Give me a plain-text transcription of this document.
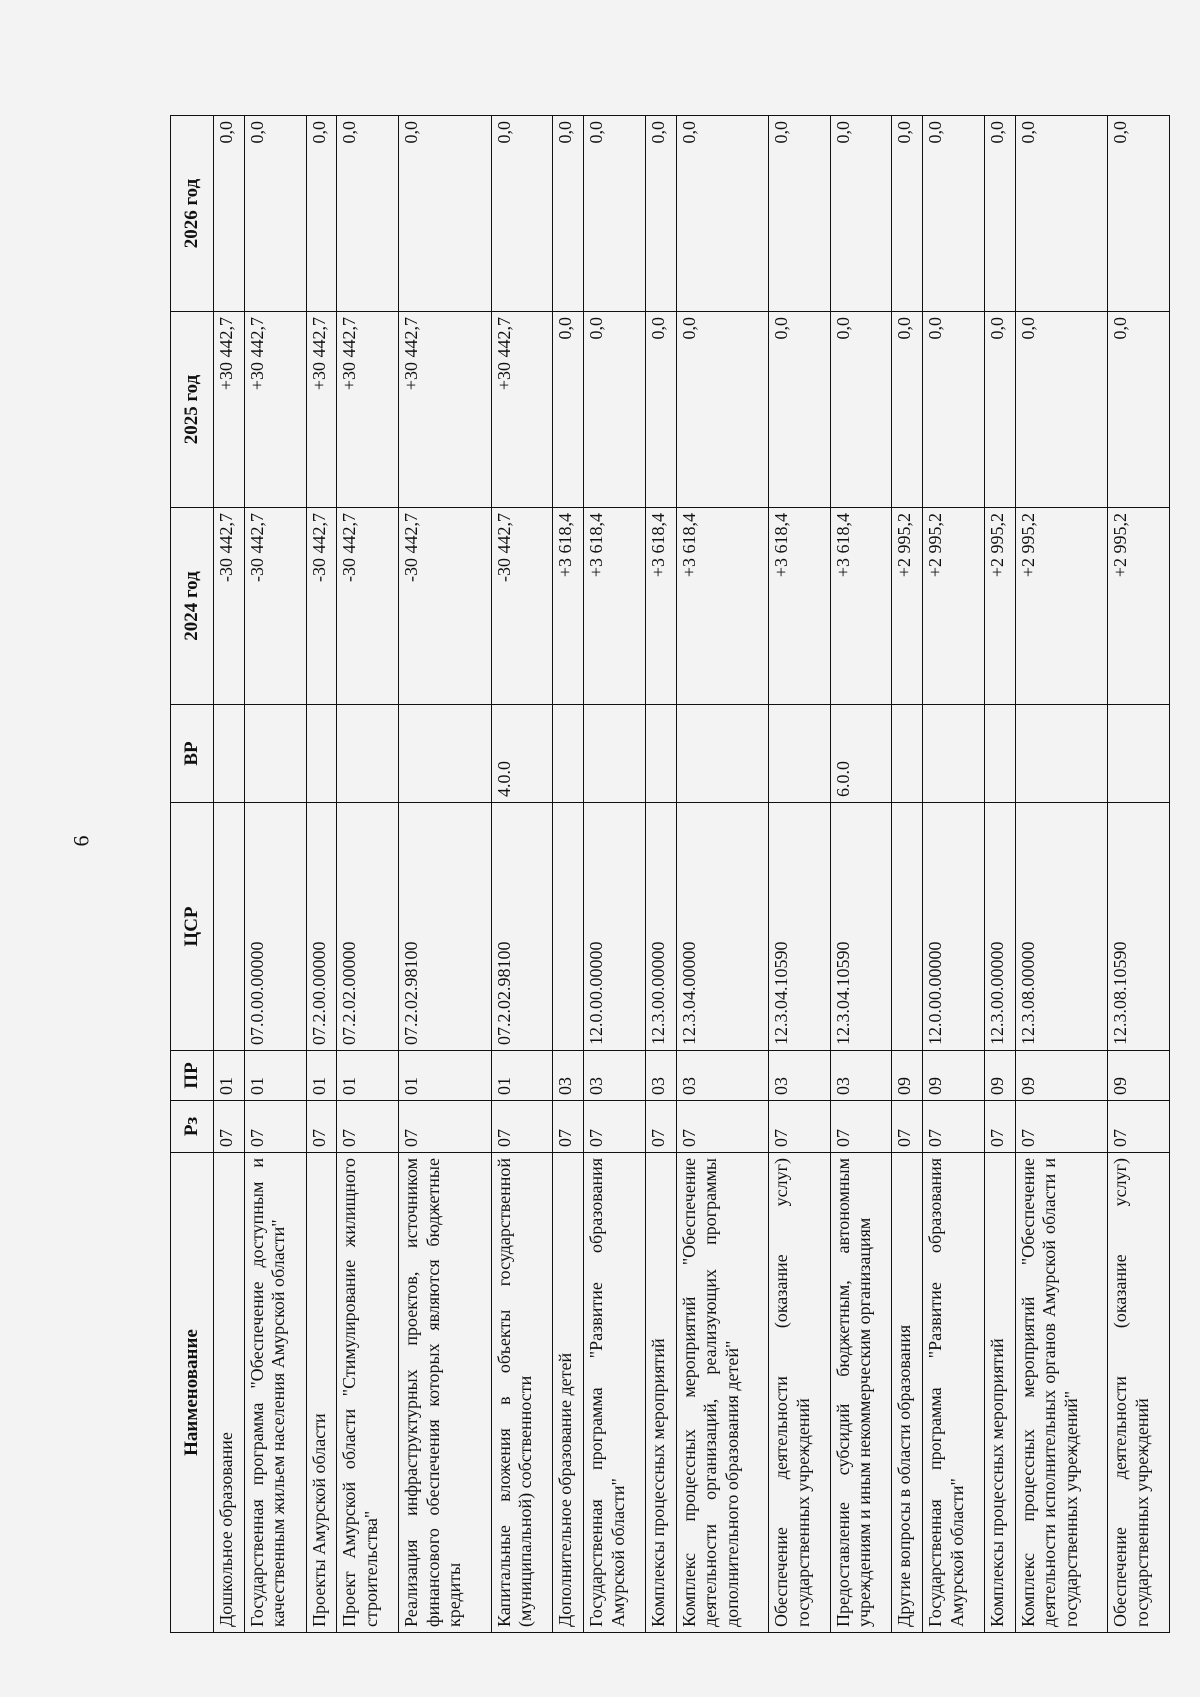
6
Наименование	Рз	ПР	ЦСР	ВР	2024 год	2025 год	2026 год
Дошкольное образование	07	01			-30 442,7	+30 442,7	0,0
Государственная программа "Обеспечение доступным и качественным жильем населения Амурской области"	07	01	07.0.00.00000		-30 442,7	+30 442,7	0,0
Проекты Амурской области	07	01	07.2.00.00000		-30 442,7	+30 442,7	0,0
Проект Амурской области "Стимулирование жилищного строительства"	07	01	07.2.02.00000		-30 442,7	+30 442,7	0,0
Реализация инфраструктурных проектов, источником финансового обеспечения которых являются бюджетные кредиты	07	01	07.2.02.98100		-30 442,7	+30 442,7	0,0
Капитальные вложения в объекты государственной (муниципальной) собственности	07	01	07.2.02.98100	4.0.0	-30 442,7	+30 442,7	0,0
Дополнительное образование детей	07	03			+3 618,4	0,0	0,0
Государственная программа "Развитие образования Амурской области"	07	03	12.0.00.00000		+3 618,4	0,0	0,0
Комплексы процессных мероприятий	07	03	12.3.00.00000		+3 618,4	0,0	0,0
Комплекс процессных мероприятий "Обеспечение деятельности организаций, реализующих программы дополнительного образования детей"	07	03	12.3.04.00000		+3 618,4	0,0	0,0
Обеспечение деятельности (оказание услуг) государственных учреждений	07	03	12.3.04.10590		+3 618,4	0,0	0,0
Предоставление субсидий бюджетным, автономным учреждениям и иным некоммерческим организациям	07	03	12.3.04.10590	6.0.0	+3 618,4	0,0	0,0
Другие вопросы в области образования	07	09			+2 995,2	0,0	0,0
Государственная программа "Развитие образования Амурской области"	07	09	12.0.00.00000		+2 995,2	0,0	0,0
Комплексы процессных мероприятий	07	09	12.3.00.00000		+2 995,2	0,0	0,0
Комплекс процессных мероприятий "Обеспечение деятельности исполнительных органов Амурской области и государственных учреждений"	07	09	12.3.08.00000		+2 995,2	0,0	0,0
Обеспечение деятельности (оказание услуг) государственных учреждений	07	09	12.3.08.10590		+2 995,2	0,0	0,0
